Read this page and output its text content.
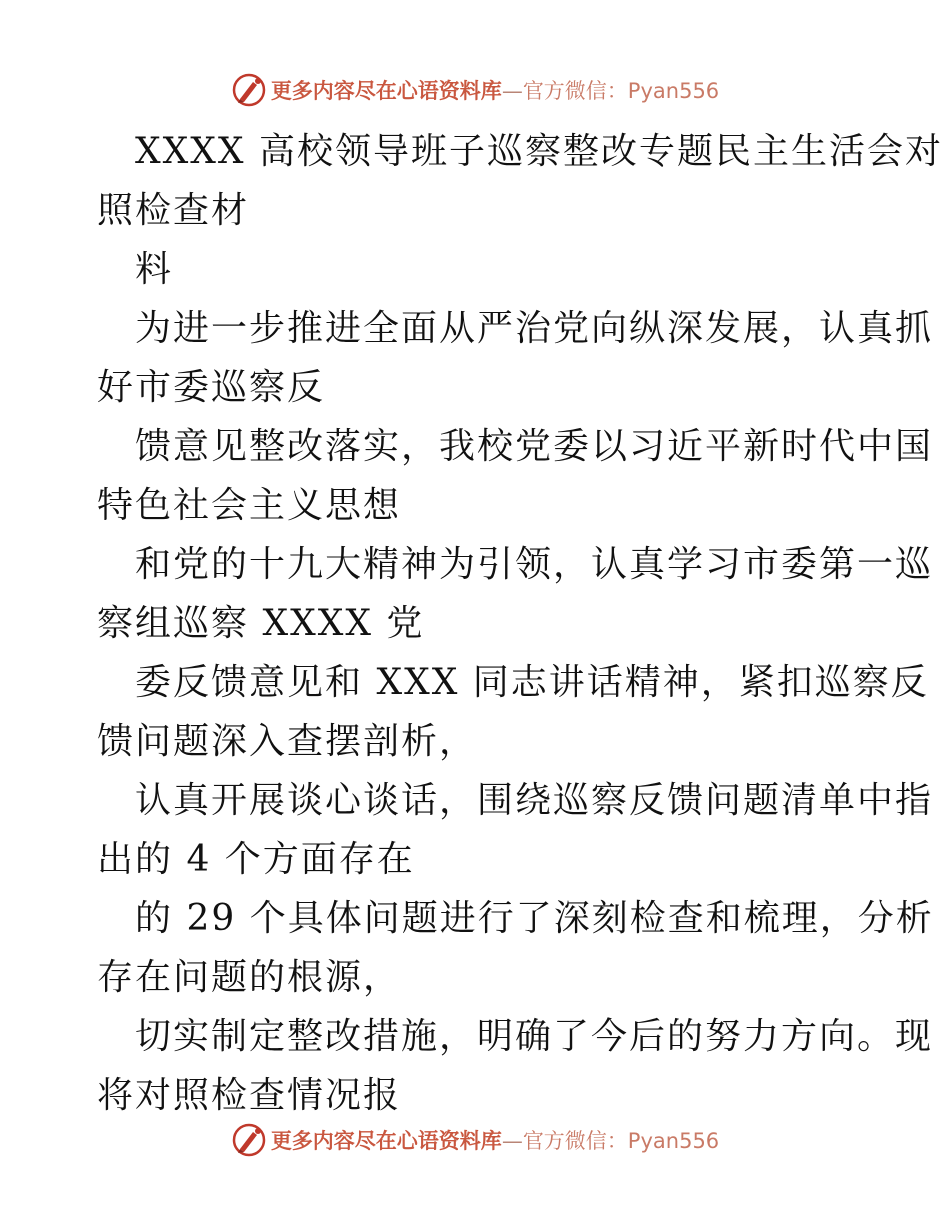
更多内容尽在心语资料库—官方微信：Pyan556
XXXX 高校领导班子巡察整改专题民主生活会对
照检查材
料
为进一步推进全面从严治党向纵深发展，认真抓
好市委巡察反
馈意见整改落实，我校党委以习近平新时代中国
特色社会主义思想
和党的十九大精神为引领，认真学习市委第一巡
察组巡察 XXXX 党
委反馈意见和 XXX 同志讲话精神，紧扣巡察反
馈问题深入查摆剖析，
认真开展谈心谈话，围绕巡察反馈问题清单中指
出的 4 个方面存在
的 29 个具体问题进行了深刻检查和梳理，分析
存在问题的根源，
切实制定整改措施，明确了今后的努力方向。现
将对照检查情况报
更多内容尽在心语资料库—官方微信：Pyan556
